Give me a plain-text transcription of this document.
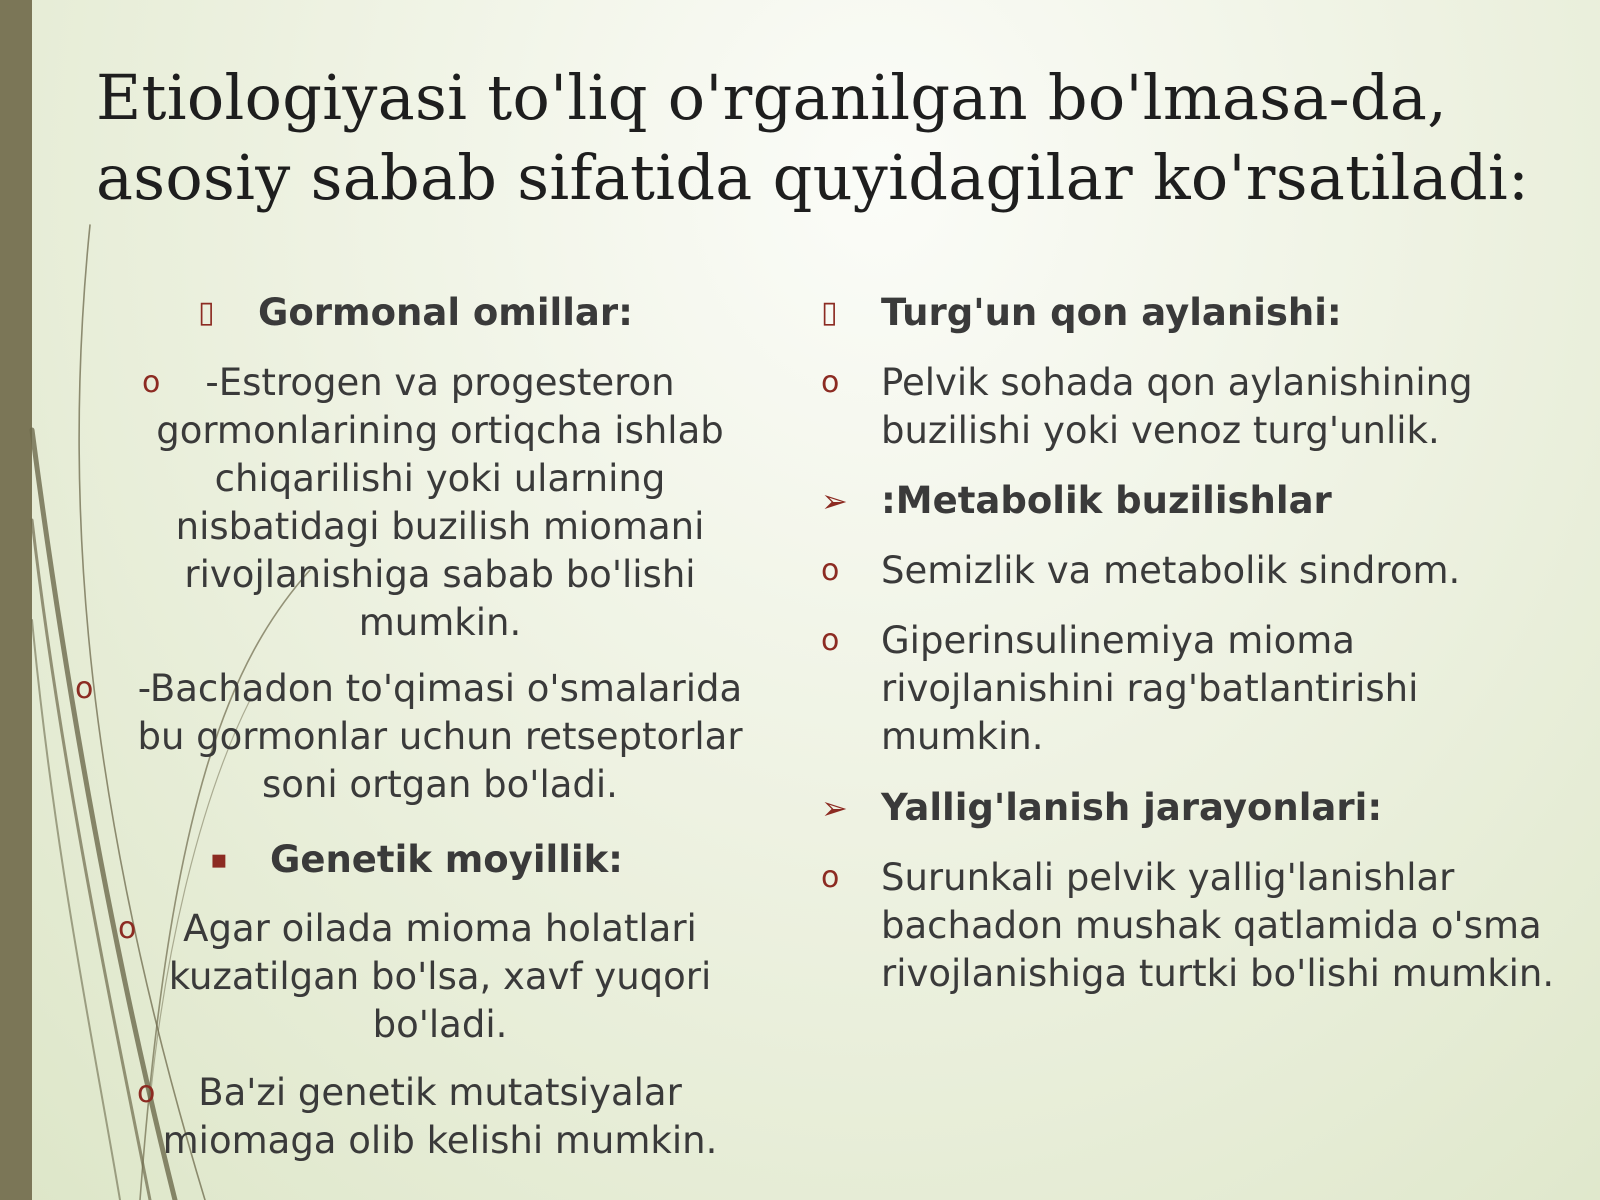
Etiologiyasi to'liq o'rganilgan bo'lmasa-da,
asosiy sabab sifatida quyidagilar ko'rsatiladi:
▯ Gormonal omillar:
o -Estrogen va progesteron gormonlarining ortiqcha ishlab chiqarilishi yoki ularning nisbatidagi buzilish miomani rivojlanishiga sabab bo'lishi mumkin.
o -Bachadon to'qimasi o'smalarida bu gormonlar uchun retseptorlar soni ortgan bo'ladi.
▪ Genetik moyillik:
o Agar oilada mioma holatlari kuzatilgan bo'lsa, xavf yuqori bo'ladi.
o Ba'zi genetik mutatsiyalar miomaga olib kelishi mumkin.
▯ Turg'un qon aylanishi:
o Pelvik sohada qon aylanishining buzilishi yoki venoz turg'unlik.
➢ :Metabolik buzilishlar
o Semizlik va metabolik sindrom.
o Giperinsulinemiya mioma rivojlanishini rag'batlantirishi mumkin.
➢ Yallig'lanish jarayonlari:
o Surunkali pelvik yallig'lanishlar bachadon mushak qatlamida o'sma rivojlanishiga turtki bo'lishi mumkin.
